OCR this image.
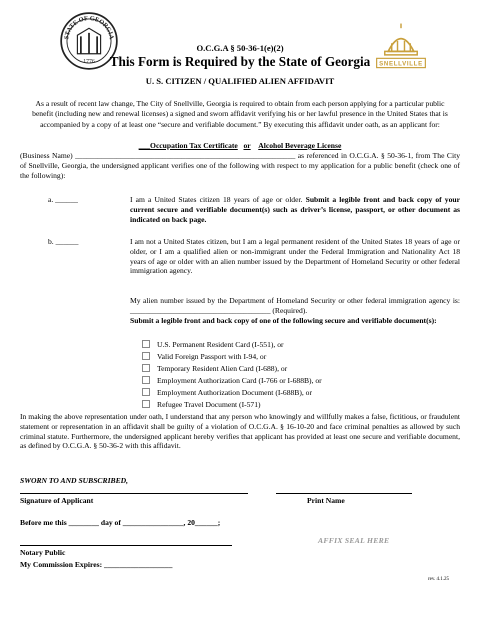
STATE OF GEORGIA
1776	SNELLVILLE
O.C.G.A § 50-36-1(e)(2)
This Form is Required by the State of Georgia
U. S. CITIZEN / QUALIFIED ALIEN AFFIDAVIT
As a result of recent law change, The City of Snellville, Georgia is required to obtain from each person applying for a particular public benefit (including new and renewal licenses) a signed and sworn affidavit verifying his or her lawful presence in the United States that is accompanied by a copy of at least one “secure and verifiable document.” By executing this affidavit under oath, as an applicant for:
___Occupation Tax Certificate or Alcohol Beverage License
(Business Name) __________________________________________________________ as referenced in O.C.G.A. § 50-36-1, from The City of Snellville, Georgia, the undersigned applicant verifies one of the following with respect to my application for a public benefit (check one of the following):
a. ______	I am a United States citizen 18 years of age or older. Submit a legible front and back copy of your current secure and verifiable document(s) such as driver’s license, passport, or other document as indicated on back page.
b. ______	I am not a United States citizen, but I am a legal permanent resident of the United States 18 years of age or older, or I am a qualified alien or non-immigrant under the Federal Immigration and Nationality Act 18 years of age or older with an alien number issued by the Department of Homeland Security or other federal immigration agency.
My alien number issued by the Department of Homeland Security or other federal immigration agency is: _____________________________________ (Required).
Submit a legible front and back copy of one of the following secure and verifiable document(s):
U.S. Permanent Resident Card (I-551), or
Valid Foreign Passport with I-94, or
Temporary Resident Alien Card (I-688), or
Employment Authorization Card (I-766 or I-688B), or
Employment Authorization Document (I-688B), or
Refugee Travel Document (I-571)
In making the above representation under oath, I understand that any person who knowingly and willfully makes a false, fictitious, or fraudulent statement or representation in an affidavit shall be guilty of a violation of O.C.G.A. § 16-10-20 and face criminal penalties as allowed by such criminal statute. Furthermore, the undersigned applicant hereby verifies that applicant has provided at least one secure and verifiable document, as defined by O.C.G.A. § 50-36-2 with this affidavit.
SWORN TO AND SUBSCRIBED,
Signature of Applicant	Print Name
Before me this ________ day of ________________, 20______;
AFFIX SEAL HERE
Notary Public
My Commission Expires: __________________
rev. 4.1.25
